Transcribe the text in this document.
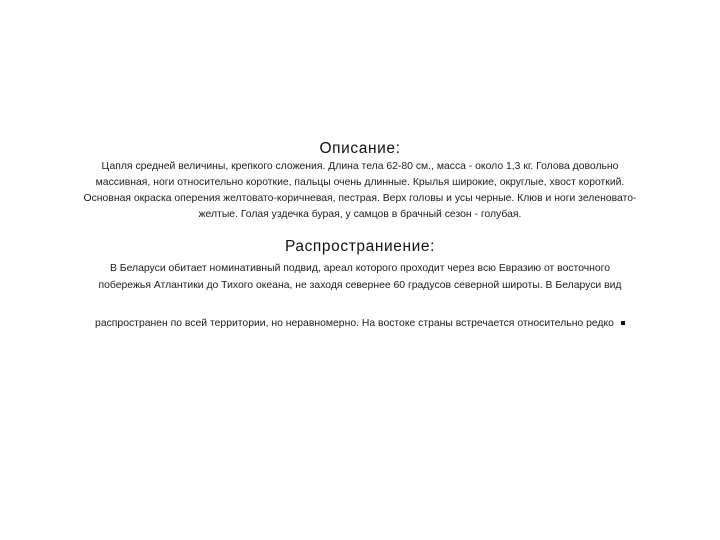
Описание:
Цапля средней величины, крепкого сложения. Длина тела 62-80 см., масса - около 1,3 кг. Голова довольно
массивная, ноги относительно короткие, пальцы очень длинные. Крылья широкие, округлые, хвост короткий.
Основная окраска оперения желтовато-коричневая, пестрая. Верх головы и усы черные. Клюв и ноги зеленовато-
желтые. Голая уздечка бурая, у самцов в брачный сезон - голубая.
Распространиение:
В Беларуси обитает номинативный подвид, ареал которого проходит через всю Евразию от восточного
побережья Атлантики до Тихого океана, не заходя севернее 60 градусов северной широты. В Беларуси вид
распространен по всей территории, но неравномерно. На востоке страны встречается относительно редко
